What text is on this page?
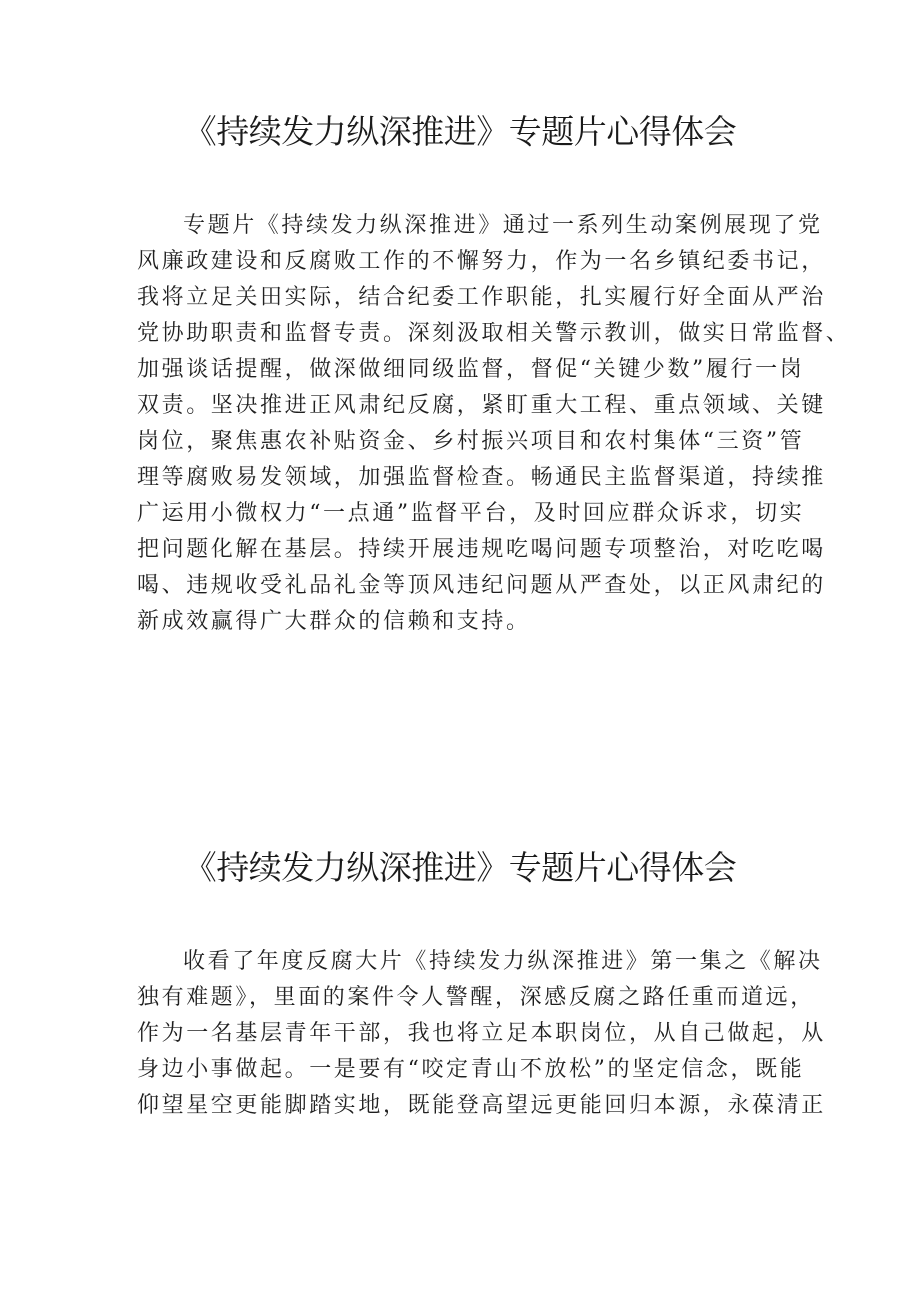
《持续发力纵深推进》专题片心得体会
专题片《持续发力纵深推进》通过一系列生动案例展现了党
风廉政建设和反腐败工作的不懈努力，作为一名乡镇纪委书记，
我将立足关田实际，结合纪委工作职能，扎实履行好全面从严治
党协助职责和监督专责。深刻汲取相关警示教训，做实日常监督、
加强谈话提醒，做深做细同级监督，督促“关键少数”履行一岗
双责。坚决推进正风肃纪反腐，紧盯重大工程、重点领域、关键
岗位，聚焦惠农补贴资金、乡村振兴项目和农村集体“三资”管
理等腐败易发领域，加强监督检查。畅通民主监督渠道，持续推
广运用小微权力“一点通”监督平台，及时回应群众诉求，切实
把问题化解在基层。持续开展违规吃喝问题专项整治，对吃吃喝
喝、违规收受礼品礼金等顶风违纪问题从严查处，以正风肃纪的
新成效赢得广大群众的信赖和支持。
《持续发力纵深推进》专题片心得体会
收看了年度反腐大片《持续发力纵深推进》第一集之《解决
独有难题》，里面的案件令人警醒，深感反腐之路任重而道远，
作为一名基层青年干部，我也将立足本职岗位，从自己做起，从
身边小事做起。一是要有“咬定青山不放松”的坚定信念，既能
仰望星空更能脚踏实地，既能登高望远更能回归本源，永葆清正
